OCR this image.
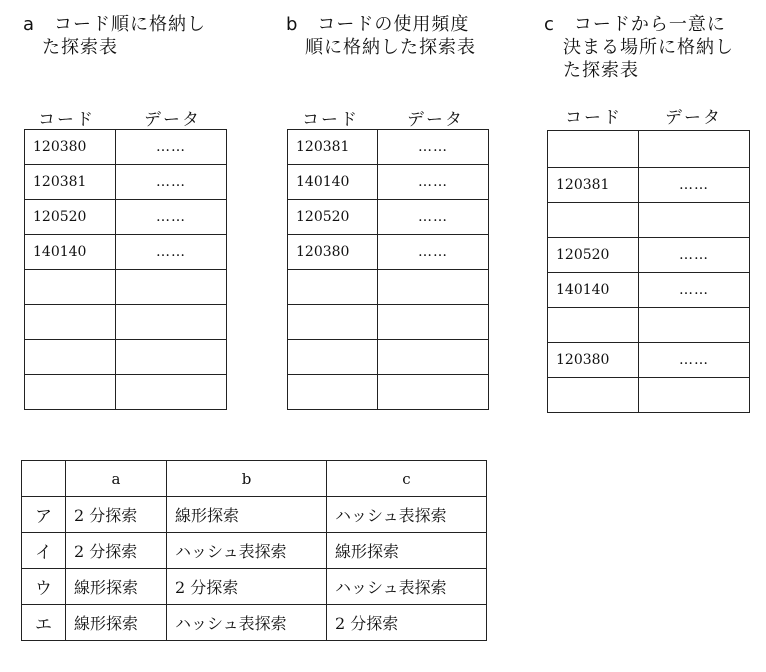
a　コード順に格納し
　た探索表
コード	データ
120380	……
120381	……
120520	……
140140	……

b　コードの使用頻度
　順に格納した探索表
コード	データ
120381	……
140140	……
120520	……
120380	……

c　コードから一意に
　決まる場所に格納し
　た探索表
コード	データ

120381	……

120520	……
140140	……

120380	……

	a	b	c
ア	2 分探索	線形探索	ハッシュ表探索
イ	2 分探索	ハッシュ表探索	線形探索
ウ	線形探索	2 分探索	ハッシュ表探索
エ	線形探索	ハッシュ表探索	2 分探索
